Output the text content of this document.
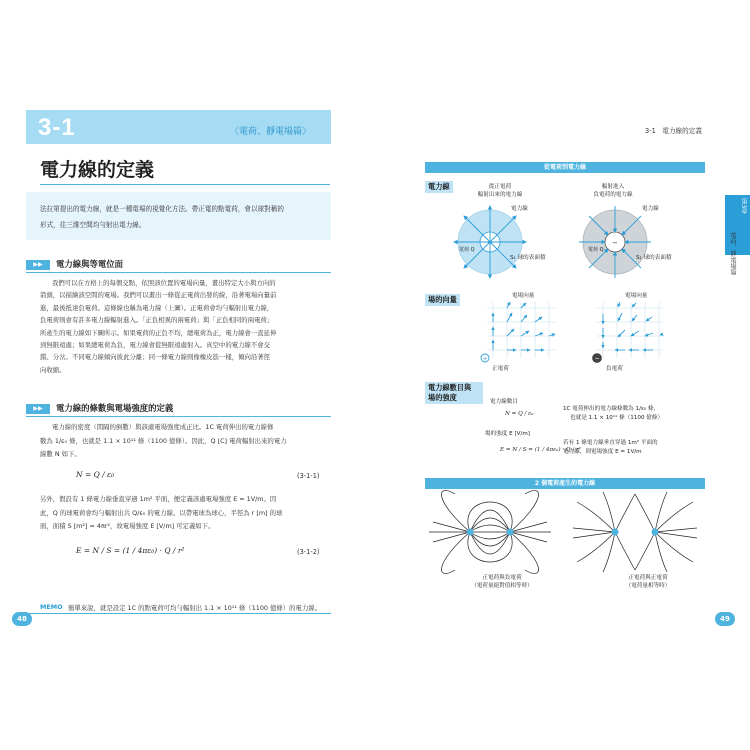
3-1	〈電荷、靜電場篇〉
電力線的定義
法拉第提出的電力線，就是一種電場的視覺化方法。帶正電的點電荷，會以球對稱的
形式，往三維空間均勻射出電力線。
▶▶	電力線與等電位面
我們可以在方格上的每個交點，依照該位置的電場向量，畫出特定大小與方向的
箭頭，以描繪該空間的電場。我們可以畫出一條從正電荷出發的線，沿著電場向量前
進，最後抵達負電荷。這條線也稱為電力線（上圖）。正電荷會均勻輻射出電力線，
負電荷則會有許多電力線輻射進入。「正負相異的兩電荷」與「正負相同的兩電荷」
所產生的電力線如下圖所示。如果電荷的正負不均，總電荷為正，電力線會一直延伸
到無限遠處；如果總電荷為負，電力線會從無限遠處射入。真空中的電力線不會交
錯、分岔。不同電力線傾向彼此分離；同一條電力線則像橡皮筋一樣，傾向沿著徑
向收縮。
▶▶	電力線的條數與電場強度的定義
電力線的密度（間隔的倒數）與該處電場強度成正比。1C 電荷伸出的電力線條
數為 1/ε₀ 條，也就是 1.1 × 10¹¹ 條（1100 億條）。因此，Q [C] 電荷輻射出來的電力
線數 N 如下。
N = Q / ε₀	(3-1-1)
另外，假設有 1 條電力線垂直穿過 1m² 平面，便定義該處電場強度 E = 1V/m。因
此，Q 的球電荷會均勻輻射出共 Q/ε₀ 的電力線。以帶電球為球心，半徑為 r [m] 的球
面，面積 S [m²] = 4πr²，故電場強度 E [V/m] 可定義如下。
E = N / S = (1 / 4πε₀) · Q / r²	(3-1-2)
MEMO 簡單來說，就是設定 1C 的點電荷可均勻輻射出 1.1 × 10¹¹ 條（1100 億條）的電力線。
48
3-1　電力線的定義
第3章
電荷、靜電場篇
從電荷到電力線
電力線	從正電荷
輻射出來的電力線
輻射進入
負電荷的電力線
+	−
電力線	電力線
電荷 Q	電荷 Q
S₁ 球的表面積	S₁ 球的表面積
場的向量	電場向量	電場向量
+	−
正電荷	負電荷
電力線數目與
場的強度	電力線數目
N = Q / ε₀
1C 電荷伸出的電力線條數為 1/ε₀ 條，
也就是 1.1 × 10¹¹ 條（1100 億條）
場的強度 E [V/m]
E = N / S = (1 / 4πε₀) · Q / r²
若有 1 條電力線垂直穿過 1m² 平面的
電力線，則電場強度 E = 1V/m
2 個電荷產生的電力線
正電荷與負電荷
（電荷量絕對值相等時）
正電荷與正電荷
（電荷量相等時）
49
